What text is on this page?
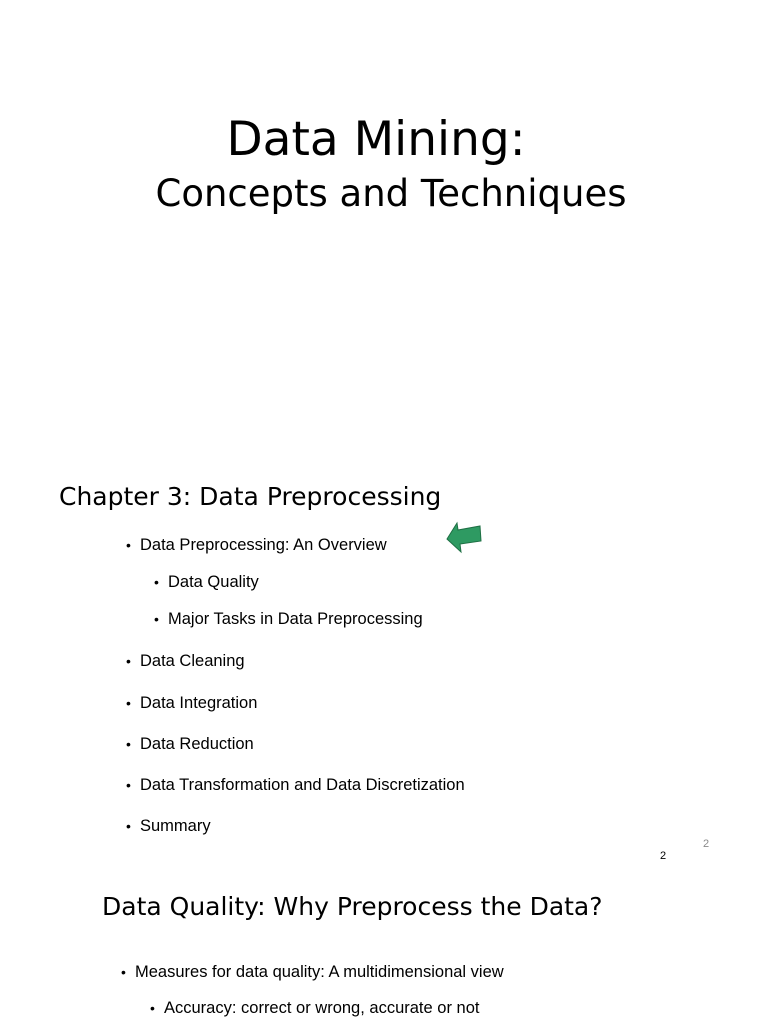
Data Mining:
Concepts and Techniques
Chapter 3: Data Preprocessing
• Data Preprocessing: An Overview
• Data Quality
• Major Tasks in Data Preprocessing
• Data Cleaning
• Data Integration
• Data Reduction
• Data Transformation and Data Discretization
• Summary
2
2
Data Quality: Why Preprocess the Data?
• Measures for data quality: A multidimensional view
• Accuracy: correct or wrong, accurate or not
